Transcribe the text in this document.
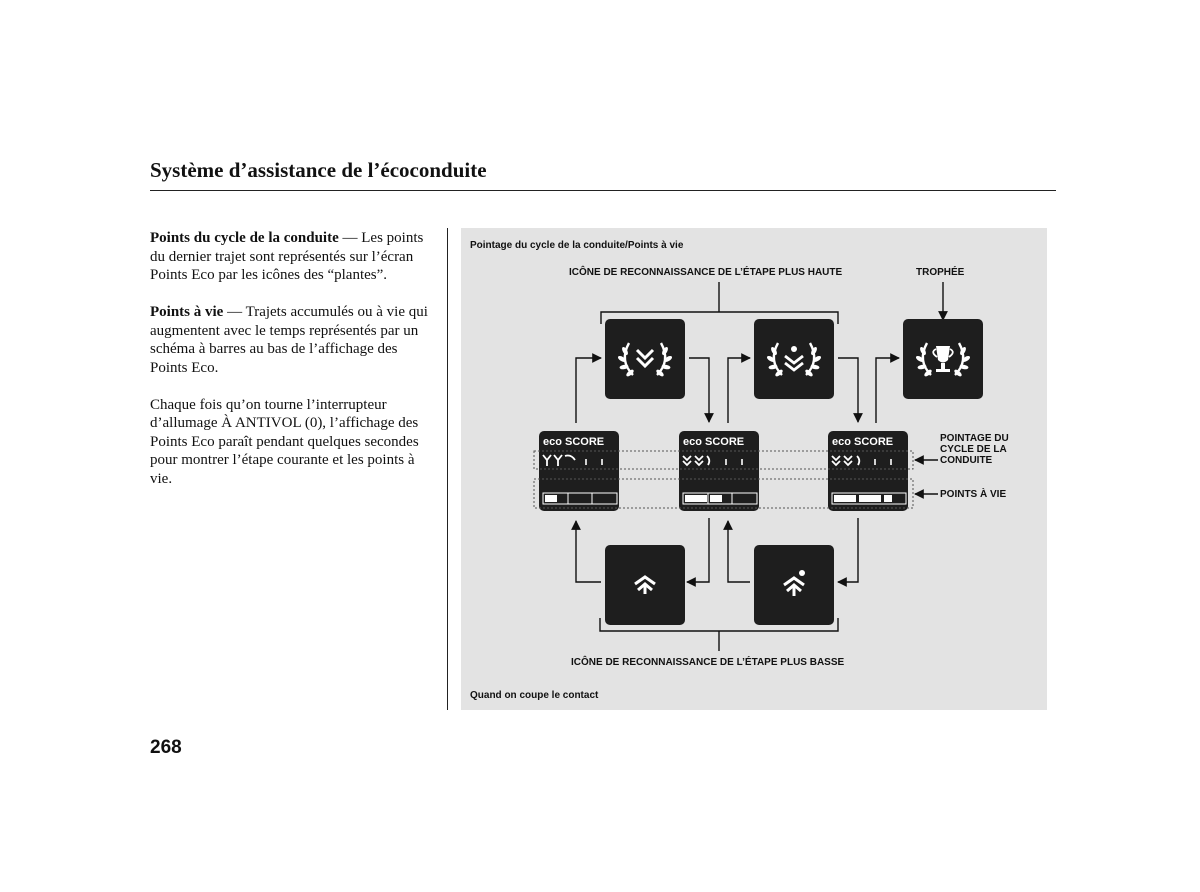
Système d’assistance de l’écoconduite

Points du cycle de la conduite — Les points du dernier trajet sont représentés sur l’écran Points Eco par les icônes des “plantes”.

Points à vie — Trajets accumulés ou à vie qui augmentent avec le temps représentés par un schéma à barres au bas de l’affichage des Points Eco.

Chaque fois qu’on tourne l’interrupteur d’allumage À ANTIVOL (0), l’affichage des Points Eco paraît pendant quelques secondes pour montrer l’étape courante et les points à vie.

Pointage du cycle de la conduite/Points à vie
ICÔNE DE RECONNAISSANCE DE L’ÉTAPE PLUS HAUTE	TROPHÉE
eco SCORE	eco SCORE	eco SCORE	POINTAGE DU
CYCLE DE LA
CONDUITE
POINTS À VIE
ICÔNE DE RECONNAISSANCE DE L’ÉTAPE PLUS BASSE
Quand on coupe le contact
268
